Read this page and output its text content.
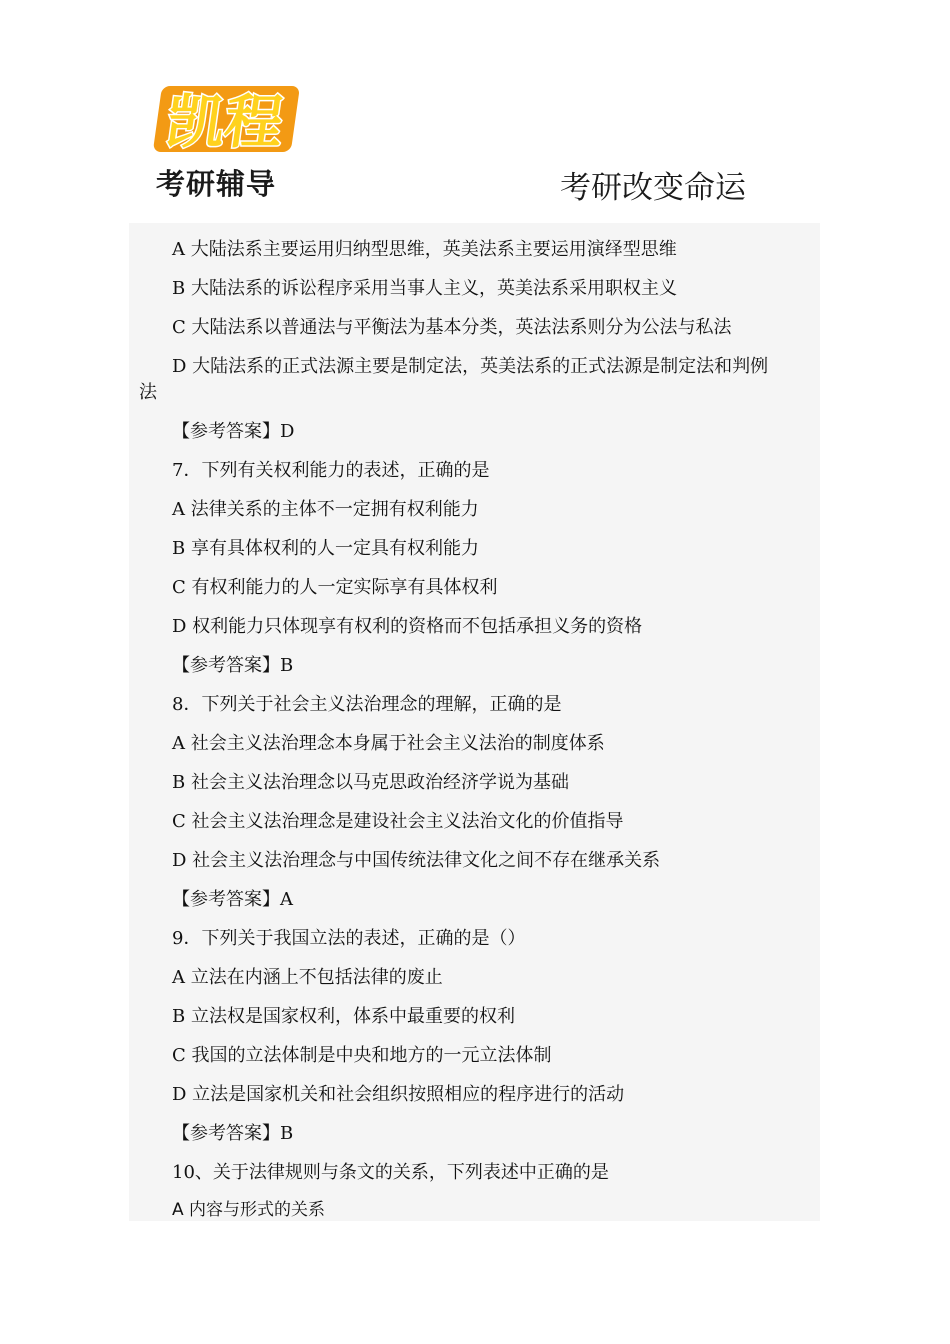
凯程
考研辅导	考研改变命运
A 大陆法系主要运用归纳型思维，英美法系主要运用演绎型思维
B 大陆法系的诉讼程序采用当事人主义，英美法系采用职权主义
C 大陆法系以普通法与平衡法为基本分类，英法法系则分为公法与私法
D 大陆法系的正式法源主要是制定法，英美法系的正式法源是制定法和判例
法
【参考答案】D
7．下列有关权利能力的表述，正确的是
A 法律关系的主体不一定拥有权利能力
B 享有具体权利的人一定具有权利能力
C 有权利能力的人一定实际享有具体权利
D 权利能力只体现享有权利的资格而不包括承担义务的资格
【参考答案】B
8．下列关于社会主义法治理念的理解，正确的是
A 社会主义法治理念本身属于社会主义法治的制度体系
B 社会主义法治理念以马克思政治经济学说为基础
C 社会主义法治理念是建设社会主义法治文化的价值指导
D 社会主义法治理念与中国传统法律文化之间不存在继承关系
【参考答案】A
9．下列关于我国立法的表述，正确的是（）
A 立法在内涵上不包括法律的废止
B 立法权是国家权利，体系中最重要的权利
C 我国的立法体制是中央和地方的一元立法体制
D 立法是国家机关和社会组织按照相应的程序进行的活动
【参考答案】B
10、关于法律规则与条文的关系，下列表述中正确的是
A 内容与形式的关系
